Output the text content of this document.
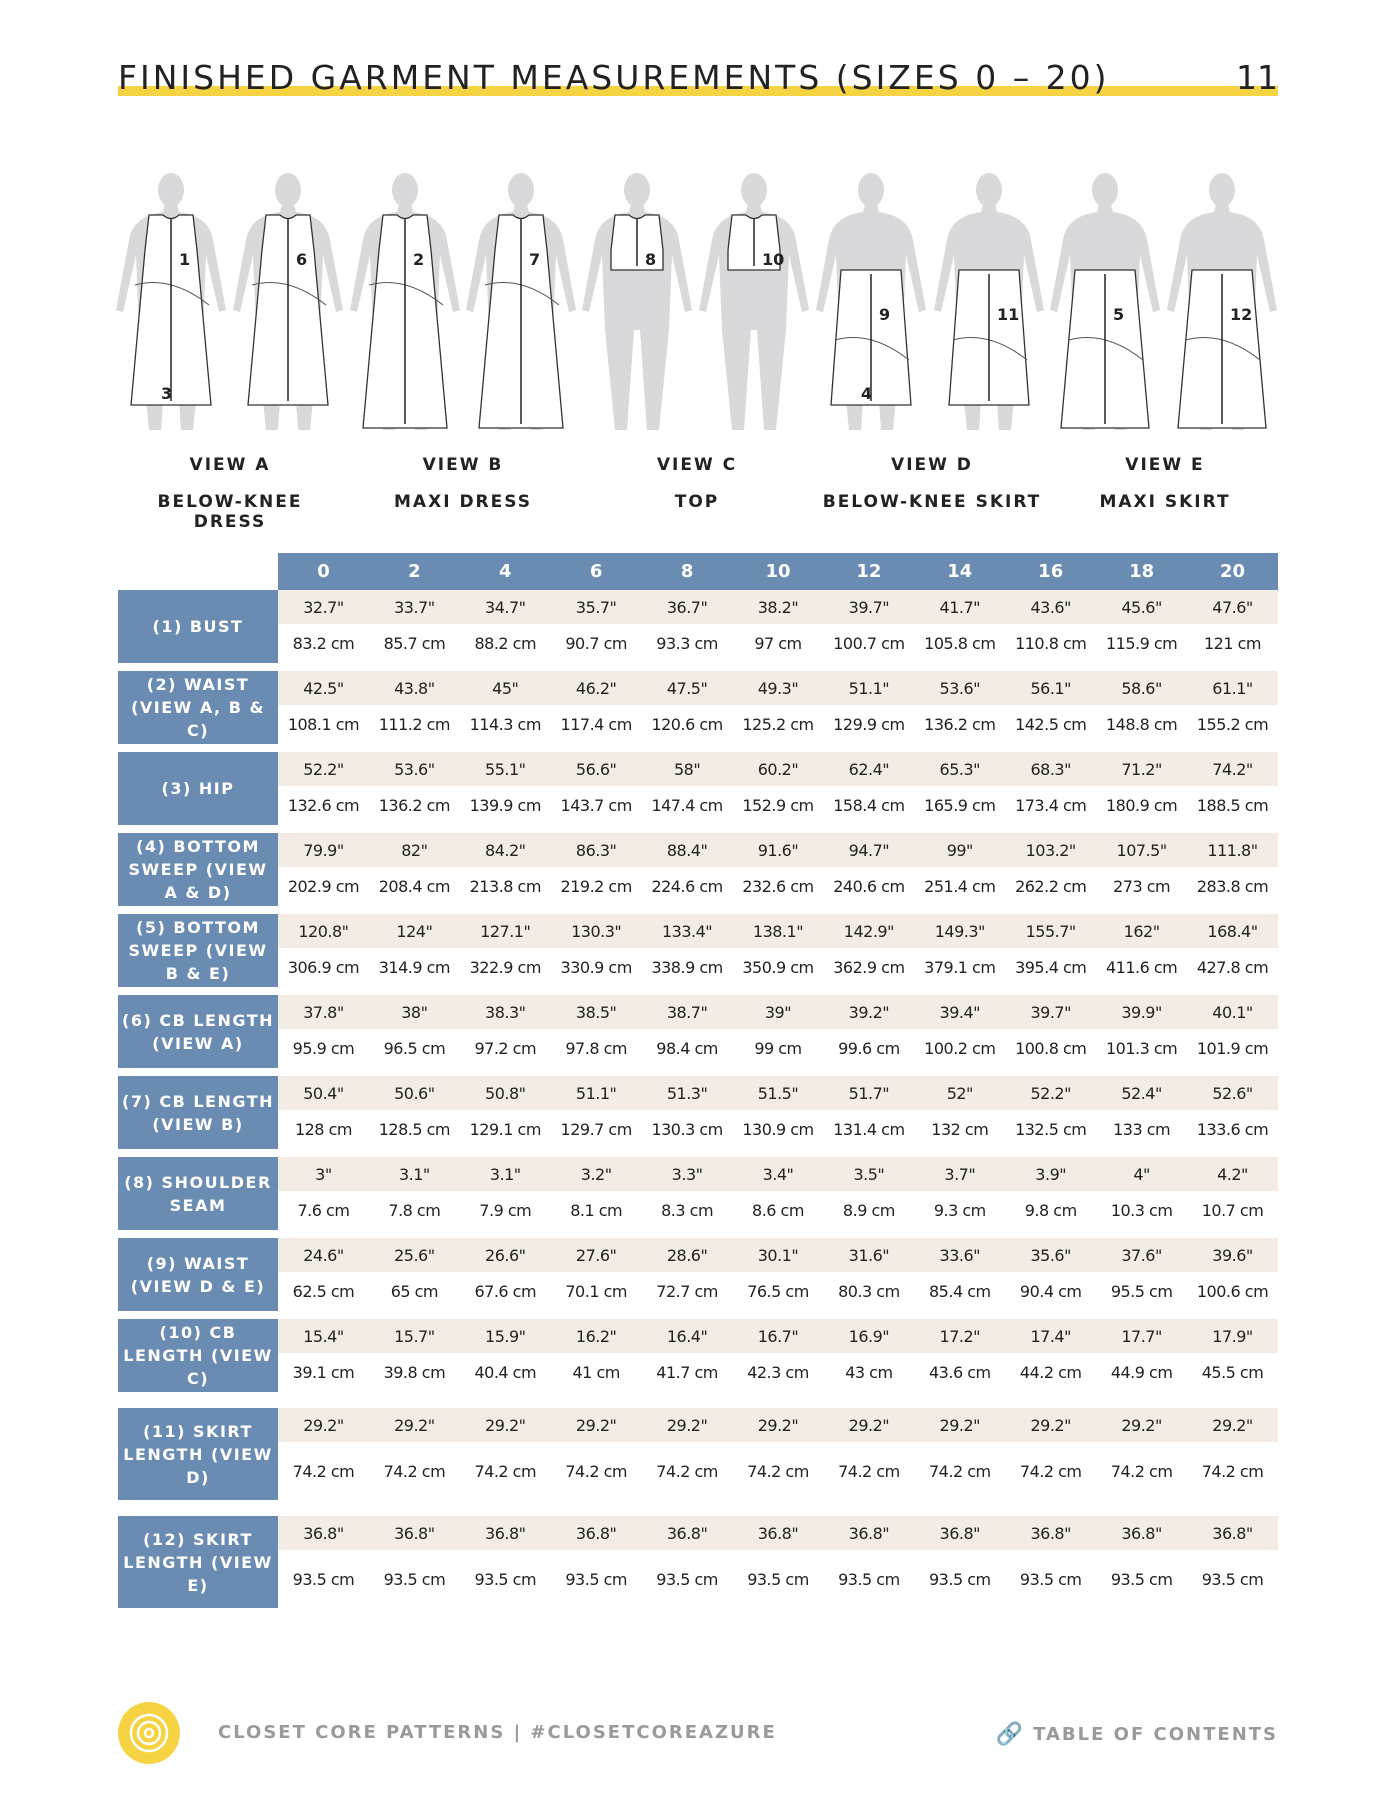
FINISHED GARMENT MEASUREMENTS (SIZES 0 – 20)	11
1
3
6	2	7	8	10
9
4
11	5	12
VIEW A
BELOW-KNEE DRESS
VIEW B
MAXI DRESS
VIEW C
TOP
VIEW D
BELOW-KNEE SKIRT
VIEW E
MAXI SKIRT
0	2	4	6	8	10	12	14	16	18	20
(1) BUST
32.7"	33.7"	34.7"	35.7"	36.7"	38.2"	39.7"	41.7"	43.6"	45.6"	47.6"
83.2 cm	85.7 cm	88.2 cm	90.7 cm	93.3 cm	97 cm	100.7 cm	105.8 cm	110.8 cm	115.9 cm	121 cm
(2) WAIST (VIEW A, B & C)
42.5"	43.8"	45"	46.2"	47.5"	49.3"	51.1"	53.6"	56.1"	58.6"	61.1"
108.1 cm	111.2 cm	114.3 cm	117.4 cm	120.6 cm	125.2 cm	129.9 cm	136.2 cm	142.5 cm	148.8 cm	155.2 cm
(3) HIP
52.2"	53.6"	55.1"	56.6"	58"	60.2"	62.4"	65.3"	68.3"	71.2"	74.2"
132.6 cm	136.2 cm	139.9 cm	143.7 cm	147.4 cm	152.9 cm	158.4 cm	165.9 cm	173.4 cm	180.9 cm	188.5 cm
(4) BOTTOM SWEEP (VIEW A & D)
79.9"	82"	84.2"	86.3"	88.4"	91.6"	94.7"	99"	103.2"	107.5"	111.8"
202.9 cm	208.4 cm	213.8 cm	219.2 cm	224.6 cm	232.6 cm	240.6 cm	251.4 cm	262.2 cm	273 cm	283.8 cm
(5) BOTTOM SWEEP (VIEW B & E)
120.8"	124"	127.1"	130.3"	133.4"	138.1"	142.9"	149.3"	155.7"	162"	168.4"
306.9 cm	314.9 cm	322.9 cm	330.9 cm	338.9 cm	350.9 cm	362.9 cm	379.1 cm	395.4 cm	411.6 cm	427.8 cm
(6) CB LENGTH (VIEW A)
37.8"	38"	38.3"	38.5"	38.7"	39"	39.2"	39.4"	39.7"	39.9"	40.1"
95.9 cm	96.5 cm	97.2 cm	97.8 cm	98.4 cm	99 cm	99.6 cm	100.2 cm	100.8 cm	101.3 cm	101.9 cm
(7) CB LENGTH (VIEW B)
50.4"	50.6"	50.8"	51.1"	51.3"	51.5"	51.7"	52"	52.2"	52.4"	52.6"
128 cm	128.5 cm	129.1 cm	129.7 cm	130.3 cm	130.9 cm	131.4 cm	132 cm	132.5 cm	133 cm	133.6 cm
(8) SHOULDER SEAM
3"	3.1"	3.1"	3.2"	3.3"	3.4"	3.5"	3.7"	3.9"	4"	4.2"
7.6 cm	7.8 cm	7.9 cm	8.1 cm	8.3 cm	8.6 cm	8.9 cm	9.3 cm	9.8 cm	10.3 cm	10.7 cm
(9) WAIST (VIEW D & E)
24.6"	25.6"	26.6"	27.6"	28.6"	30.1"	31.6"	33.6"	35.6"	37.6"	39.6"
62.5 cm	65 cm	67.6 cm	70.1 cm	72.7 cm	76.5 cm	80.3 cm	85.4 cm	90.4 cm	95.5 cm	100.6 cm
(10) CB LENGTH (VIEW C)
15.4"	15.7"	15.9"	16.2"	16.4"	16.7"	16.9"	17.2"	17.4"	17.7"	17.9"
39.1 cm	39.8 cm	40.4 cm	41 cm	41.7 cm	42.3 cm	43 cm	43.6 cm	44.2 cm	44.9 cm	45.5 cm
(11) SKIRT LENGTH (VIEW D)
29.2"	29.2"	29.2"	29.2"	29.2"	29.2"	29.2"	29.2"	29.2"	29.2"	29.2"
74.2 cm	74.2 cm	74.2 cm	74.2 cm	74.2 cm	74.2 cm	74.2 cm	74.2 cm	74.2 cm	74.2 cm	74.2 cm
(12) SKIRT LENGTH (VIEW E)
36.8"	36.8"	36.8"	36.8"	36.8"	36.8"	36.8"	36.8"	36.8"	36.8"	36.8"
93.5 cm	93.5 cm	93.5 cm	93.5 cm	93.5 cm	93.5 cm	93.5 cm	93.5 cm	93.5 cm	93.5 cm	93.5 cm
CLOSET CORE PATTERNS | #CLOSETCOREAZURE	🔗 TABLE OF CONTENTS
